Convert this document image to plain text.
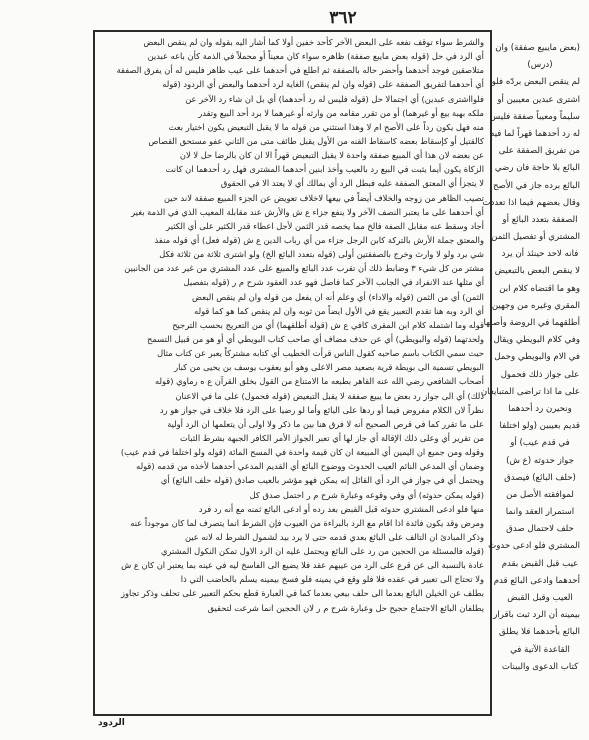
٣٦٢
والشرط سواء توقف نفعه على البعض الآخر كأحد خفين أولا كما أشار اليه بقوله وان لم ينقص البعض
أي الرد في حل (قوله بعض مايبع صفقة) ظاهره سواء كان معيناً أو محملاً في الذمة كأن باعه عبدين
متلاصقين فوجد أحدهما وأحضر حاله بالصفقة ثم اطلع في أحدهما على عيب ظاهر فليس له أن يفرق الصفقة
أي أحدهما لتفريق الصفقة على (قوله وان لم ينقص) الغاية لرد أحدهما والبعض أي الردود (قوله
فلوااشترى عبدين) أي اجتمالا حل (قوله فليس له رد أحدهما) أي بل ان شاء رد الآخر عن
ملكه بهبة بيع أو غيرهما) أو من تقرر مقامه من وارثه أو غيرهما لا برد أحد البيع وتقدر
منه فهل يكون رداً على الأصح ام لا وهذا استثني من قوله ما لا يقبل التبعيض يكون اختيار بعث
كالقتيل أو كإسقاط بعضه كاسقاط القنه من الأول يقبل طائف متى من الثاني عفو مستحق القصاص
عن بعضه لان هذا أي المبيع صفقة واحدة لا يقبل التبعيض قهراً الا ان كان بالرضا حل لا لان
الزكاة يكون أيما يثبت في البيع رد بالعيب وأخذ ابنين أحدهما المشترى فهل رد أحدهما ان كانت
لا يتجزأ أي المعتق الصفقة عليه فبطل الرد أي بمالك أي لا يعتد الا في الحقوق
تصيب الظاهر من زوجه والخلاف أيضاً في بيعها لاخلاف تعويض عن الجزء المبيع صفقة لاند حين
أي أحدهما على ما يعتبر النصف الآخر ولا ينفع جزاء ع ش والأرش عند مقابلة المعيب الذي في الذمة بغير
أجاد وسقط عنه مقابل الصفة فالخ مما يخصه قدر الثمن لأجل اعطاء قدر الكثير على أي الكثير
والمعتق جملة الأرش بالتركة كابن الرجل جزاء من أي رباب الدين ع ش (قوله فعل) أي قوله منفذ
شي برد ولو لا وارث وخرج بالصفقتين أولى (قوله بتعدد البائع الخ) ولو اشترى ثلاثة من ثلاثة فكل
مشتر من كل شيء ٣ وضابط ذلك أن تقرب عدد البائع والمبيع على عدد المشتري من غير عدد من الجانبين
أي مثلها عند الانفراد في الجانب الآخر كما فاصل فهو عدد العقود شرح م ر (قوله بتفصيل
الثمن) أي من الثمن (قوله والاداء) أي وعلم أنه ان يفعل من قوله وان لم ينقص البعض
أي الرد وبه هنا تقدم التعبير يقع في الأول ايضاً من ثوبه وان لم ينقص كما هو كما قوله
قوله وما اشتمله كلام ابن المقرى كافي ع ش (قوله أطلقهما) أي من التعريج بحسب الترجيح
ولحدتهما (قوله والبويطي) أي عن حذف مضاف أي صاحب كتاب البويطي أي أو هو من قبيل التسمح
حيث سمي الكتاب باسم صاحبه كقول الناس قرأت الخطيب أي كتابه مشتركاً يعبر عن كتاب مثال
البويطي تسمية الى بويطة قرية بصعيد مصر الاعلى وهو أبو يعقوب يوسف بن يحيى من كبار
أصحاب الشافعي رضي الله عنه القاهر بطبعه ما الامتناع من القول بخلق القرآن ع ه رماوي (قوله
ذلك) أي الى جواز رد بعض ما يبيع صفقة لا يقبل التبعيض (قوله فحمول) على ما في الاعنان
نظراً لان الكلام مفروض فيما أو ردها على البائع وأما لو رضيا على الرد فلا خلاف في جواز هو رد
على ما تقرر كما في قرص الصحيح أنه لا فرق هنا بين ما ذكر ولا اولى أن يتعلمها ان الرد أولية
من تقرير أي وعلى ذلك الإقالة أي جاز لها أي تعبر الجواز الأمر الكافر الجبهة بشرط الثبات
وقوله ومن جميع ان اليمين أي المبيعة ان كان قيمة واحدة في المسح المائة (قوله ولو اختلفا في قدم عيب)
وضمان أي المدعي النائم العيب الحدوث ووضوح البائع أي القديم المدعي أحدهما لأخذه من قدمه (قوله
ويحتمل أي في جواز في الرد أي القائل إنه يمكن فهو مؤشر بالعيب صادق (قوله حلف البائع) أي
(قوله يمكن حدوثه) أي وفي وقوعه وعبارة شرح م ر احتمل صدق كل
منها فلو ادعى المشتري حدوثه قبل القبض بعد رده أو ادعى البائع ثمنه مع أنه رد فرد
ومرض وقد يكون فائدة اذا اقام مع الرد بالبراءة من العيوب فإن الشرط انما يتصرف لما كان موجوداً عنه
وذكر المبادئ ان التالف على البائع بعدي قدمه حتى لا يرد بيد لشمول الشرط له لانه عين
(قوله فالمسئلة من الحجين من رد على البائع ويحتمل عليه ان الرد الاول تمكن النكول المشتري
عادة بالنسبة الى عن قرع على الرد من عيبهم عقد فلا يضيع الى الفاسخ ليه في عينه بما يعتبر ان كان ع ش
ولا تحتاج الى تعبير في عقده فلا فلو وقع في يمينه فلو فسخ بيمينه يسلم بالحاضب التي ذا
بطلف عن الخيلن البائع بعدما الى حلف بيعي بعدما كما في العبارة قطع بحكم التعبير على تحلف وذكر تجاوز
يطلفان البائع الاجتماع حجيح حل وعبارة شرح م ر لان الحجين انما شرعت لتحقيق
(بعض مايبيع صفقة) وان
(درس)
لم ينقص البعض بردّه فلو
اشترى عبدين معيبين أو
سليماً ومعيباً صفقة فليس
له رد أحدهما قهراً لما فيه
من تفريق الصفقة على
البائع بلا حاجة فان رضي
البائع برده جاز في الأصح
وقال بعضهم فيما اذا تعددت
الصفقة بتعدد البائع أو
المشتري أو تفصيل الثمن
فانه لاحد حينئذ أن يرد
لا ينقص البعض بالتبعيض
وهو ما اقتضاه كلام ابن
المقري وغيره من وجهين
أطلقهما في الروضة وأصلها
وفي كلام البويطي ويقال
في الام والبويطي وحمل
على جواز ذلك فحمول
على ما اذا تراضى المتبايعان
ونحيرن رد أحدهما
قديم بعيبين (ولو اختلفا
في قدم عيب) أو
جواز حدوثه (ع ش)
(حلف البائع) فيصدق
لموافقته الأصل من
استمرار العقد وانما
حلف لاحتمال صدق
المشتري فلو ادعى حدوث
عيب قبل القبض بقدم
أحدهما وادعى البائع قدم
العيب وقبل القبض
بيمينه أن الرد ثبت باقرار
البائع بأحدهما فلا يطلق
القاعدة الآتية في
كتاب الدعوى والبينات
الردود
